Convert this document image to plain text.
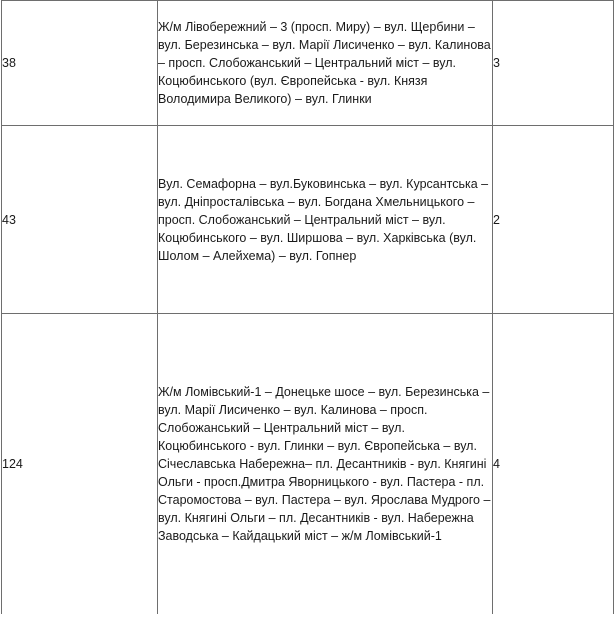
38	Ж/м Лівобережний – 3 (просп. Миру) – вул. Щербини – вул. Березинська – вул. Марії Лисиченко – вул. Калинова – просп. Слобожанський – Центральний міст – вул. Коцюбинського (вул. Європейська - вул. Князя Володимира Великого) – вул. Глинки	3
43	Вул. Семафорна – вул.Буковинська – вул. Курсантська – вул. Дніпросталівська – вул. Богдана Хмельницького – просп. Слобожанський – Центральний міст – вул. Коцюбинського – вул. Ширшова – вул. Харківська (вул. Шолом – Алейхема) – вул. Гопнер	2
124	Ж/м Ломівський-1 – Донецьке шосе – вул. Березинська – вул. Марії Лисиченко – вул. Калинова – просп. Слобожанський – Центральний міст – вул. Коцюбинського - вул. Глинки – вул. Європейська – вул. Січеславська Набережна– пл. Десантників - вул. Княгині Ольги - просп.Дмитра Яворницького - вул. Пастера - пл. Старомостова – вул. Пастера – вул. Ярослава Мудрого – вул. Княгині Ольги – пл. Десантників - вул. Набережна Заводська – Кайдацький міст – ж/м Ломівський-1	4
